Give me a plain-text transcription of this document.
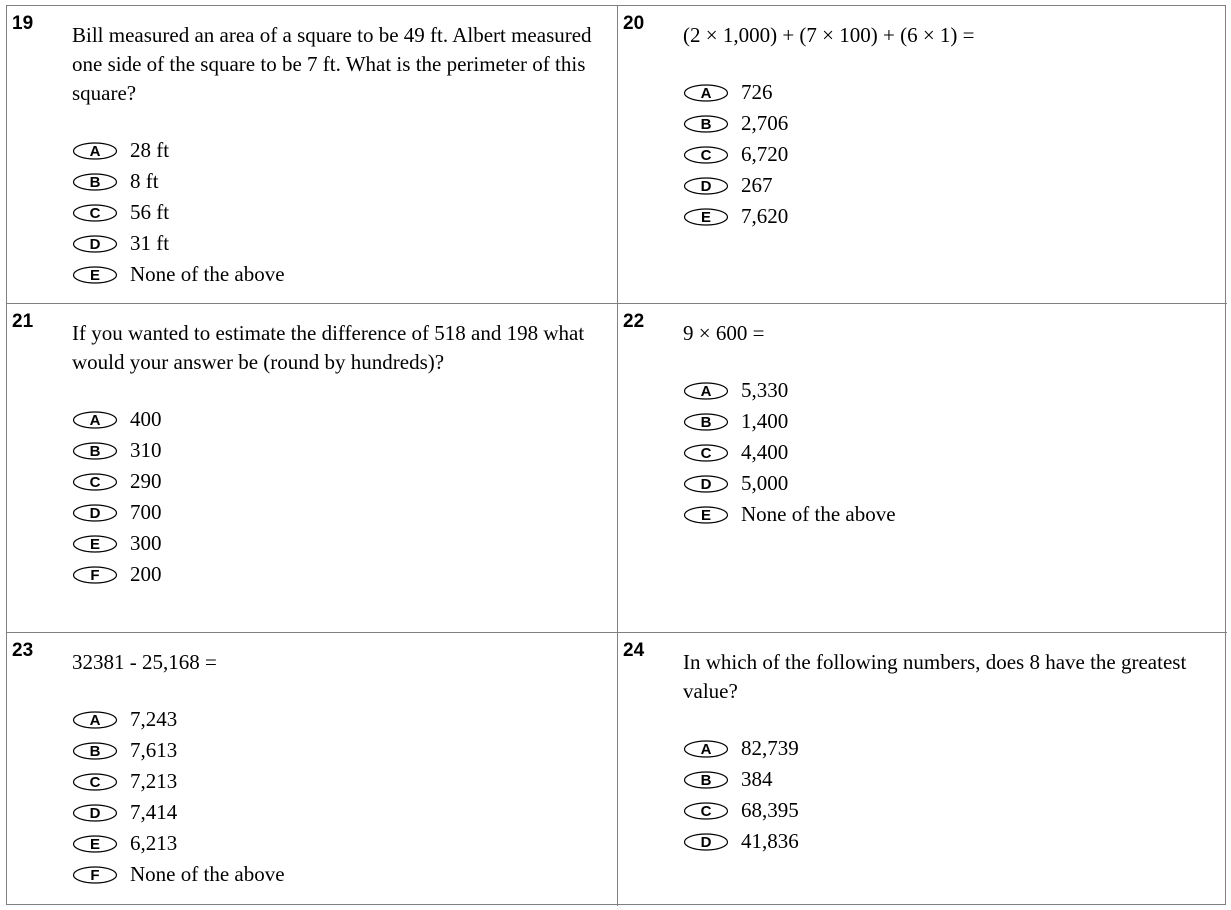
19 Bill measured an area of a square to be 49 ft. Albert measured one side of the square to be 7 ft. What is the perimeter of this square?

A 28 ft
B 8 ft
C 56 ft
D 31 ft
E None of the above
20 (2 × 1,000) + (7 × 100) + (6 × 1) =

A 726
B 2,706
C 6,720
D 267
E 7,620
21 If you wanted to estimate the difference of 518 and 198 what would your answer be (round by hundreds)?

A 400
B 310
C 290
D 700
E 300
F 200
22 9 × 600 =

A 5,330
B 1,400
C 4,400
D 5,000
E None of the above
23 32381 - 25,168 =

A 7,243
B 7,613
C 7,213
D 7,414
E 6,213
F None of the above
24 In which of the following numbers, does 8 have the greatest value?

A 82,739
B 384
C 68,395
D 41,836
